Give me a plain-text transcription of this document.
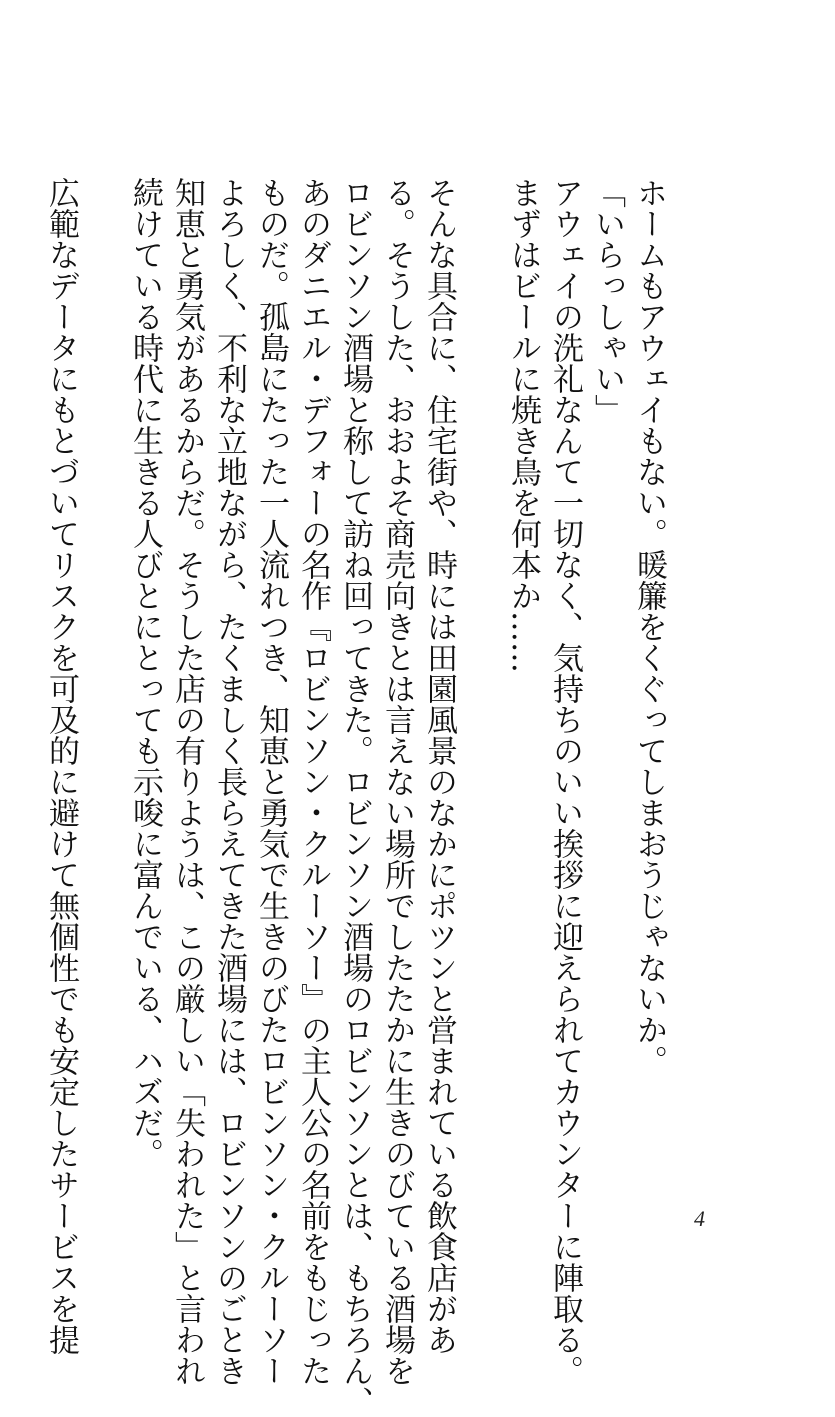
ホームもアウェイもない。暖簾をくぐってしまおうじゃないか。
「いらっしゃい」
アウェイの洗礼なんて一切なく、気持ちのいい挨拶に迎えられてカウンターに陣取る。
まずはビールに焼き鳥を何本か……
そんな具合に、住宅街や、時には田園風景のなかにポツンと営まれている飲食店があ
る。そうした、おおよそ商売向きとは言えない場所でしたたかに生きのびている酒場を
ロビンソン酒場と称して訪ね回ってきた。ロビンソン酒場のロビンソンとは、もちろん、
あのダニエル・デフォーの名作『ロビンソン・クルーソー』の主人公の名前をもじった
ものだ。孤島にたった一人流れつき、知恵と勇気で生きのびたロビンソン・クルーソー
よろしく、不利な立地ながら、たくましく長らえてきた酒場には、ロビンソンのごとき
知恵と勇気があるからだ。そうした店の有りようは、この厳しい「失われた」と言われ
続けている時代に生きる人びとにとっても示唆に富んでいる、ハズだ。
広範なデータにもとづいてリスクを可及的に避けて無個性でも安定したサービスを提	4
